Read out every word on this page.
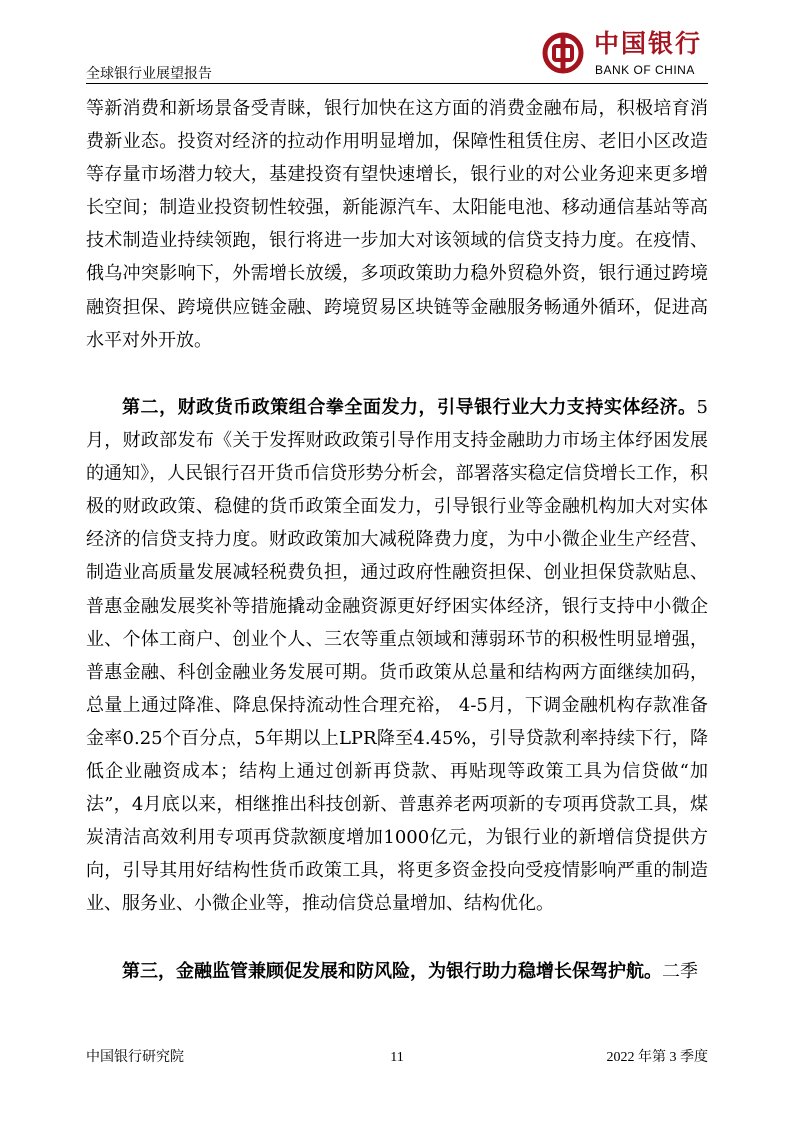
全球银行业展望报告
中国银行
BANK OF CHINA

等新消费和新场景备受青睐，银行加快在这方面的消费金融布局，积极培育消费新业态。投资对经济的拉动作用明显增加，保障性租赁住房、老旧小区改造等存量市场潜力较大，基建投资有望快速增长，银行业的对公业务迎来更多增长空间；制造业投资韧性较强，新能源汽车、太阳能电池、移动通信基站等高技术制造业持续领跑，银行将进一步加大对该领域的信贷支持力度。在疫情、俄乌冲突影响下，外需增长放缓，多项政策助力稳外贸稳外资，银行通过跨境融资担保、跨境供应链金融、跨境贸易区块链等金融服务畅通外循环，促进高水平对外开放。

第二，财政货币政策组合拳全面发力，引导银行业大力支持实体经济。5月，财政部发布《关于发挥财政政策引导作用支持金融助力市场主体纾困发展的通知》，人民银行召开货币信贷形势分析会，部署落实稳定信贷增长工作，积极的财政政策、稳健的货币政策全面发力，引导银行业等金融机构加大对实体经济的信贷支持力度。财政政策加大减税降费力度，为中小微企业生产经营、制造业高质量发展减轻税费负担，通过政府性融资担保、创业担保贷款贴息、普惠金融发展奖补等措施撬动金融资源更好纾困实体经济，银行支持中小微企业、个体工商户、创业个人、三农等重点领域和薄弱环节的积极性明显增强，普惠金融、科创金融业务发展可期。货币政策从总量和结构两方面继续加码，总量上通过降准、降息保持流动性合理充裕， 4-5月，下调金融机构存款准备金率0.25个百分点，5年期以上LPR降至4.45%，引导贷款利率持续下行，降低企业融资成本；结构上通过创新再贷款、再贴现等政策工具为信贷做“加法”，4月底以来，相继推出科技创新、普惠养老两项新的专项再贷款工具，煤炭清洁高效利用专项再贷款额度增加1000亿元，为银行业的新增信贷提供方向，引导其用好结构性货币政策工具，将更多资金投向受疫情影响严重的制造业、服务业、小微企业等，推动信贷总量增加、结构优化。

第三，金融监管兼顾促发展和防风险，为银行助力稳增长保驾护航。二季

中国银行研究院	11	2022 年第 3 季度
